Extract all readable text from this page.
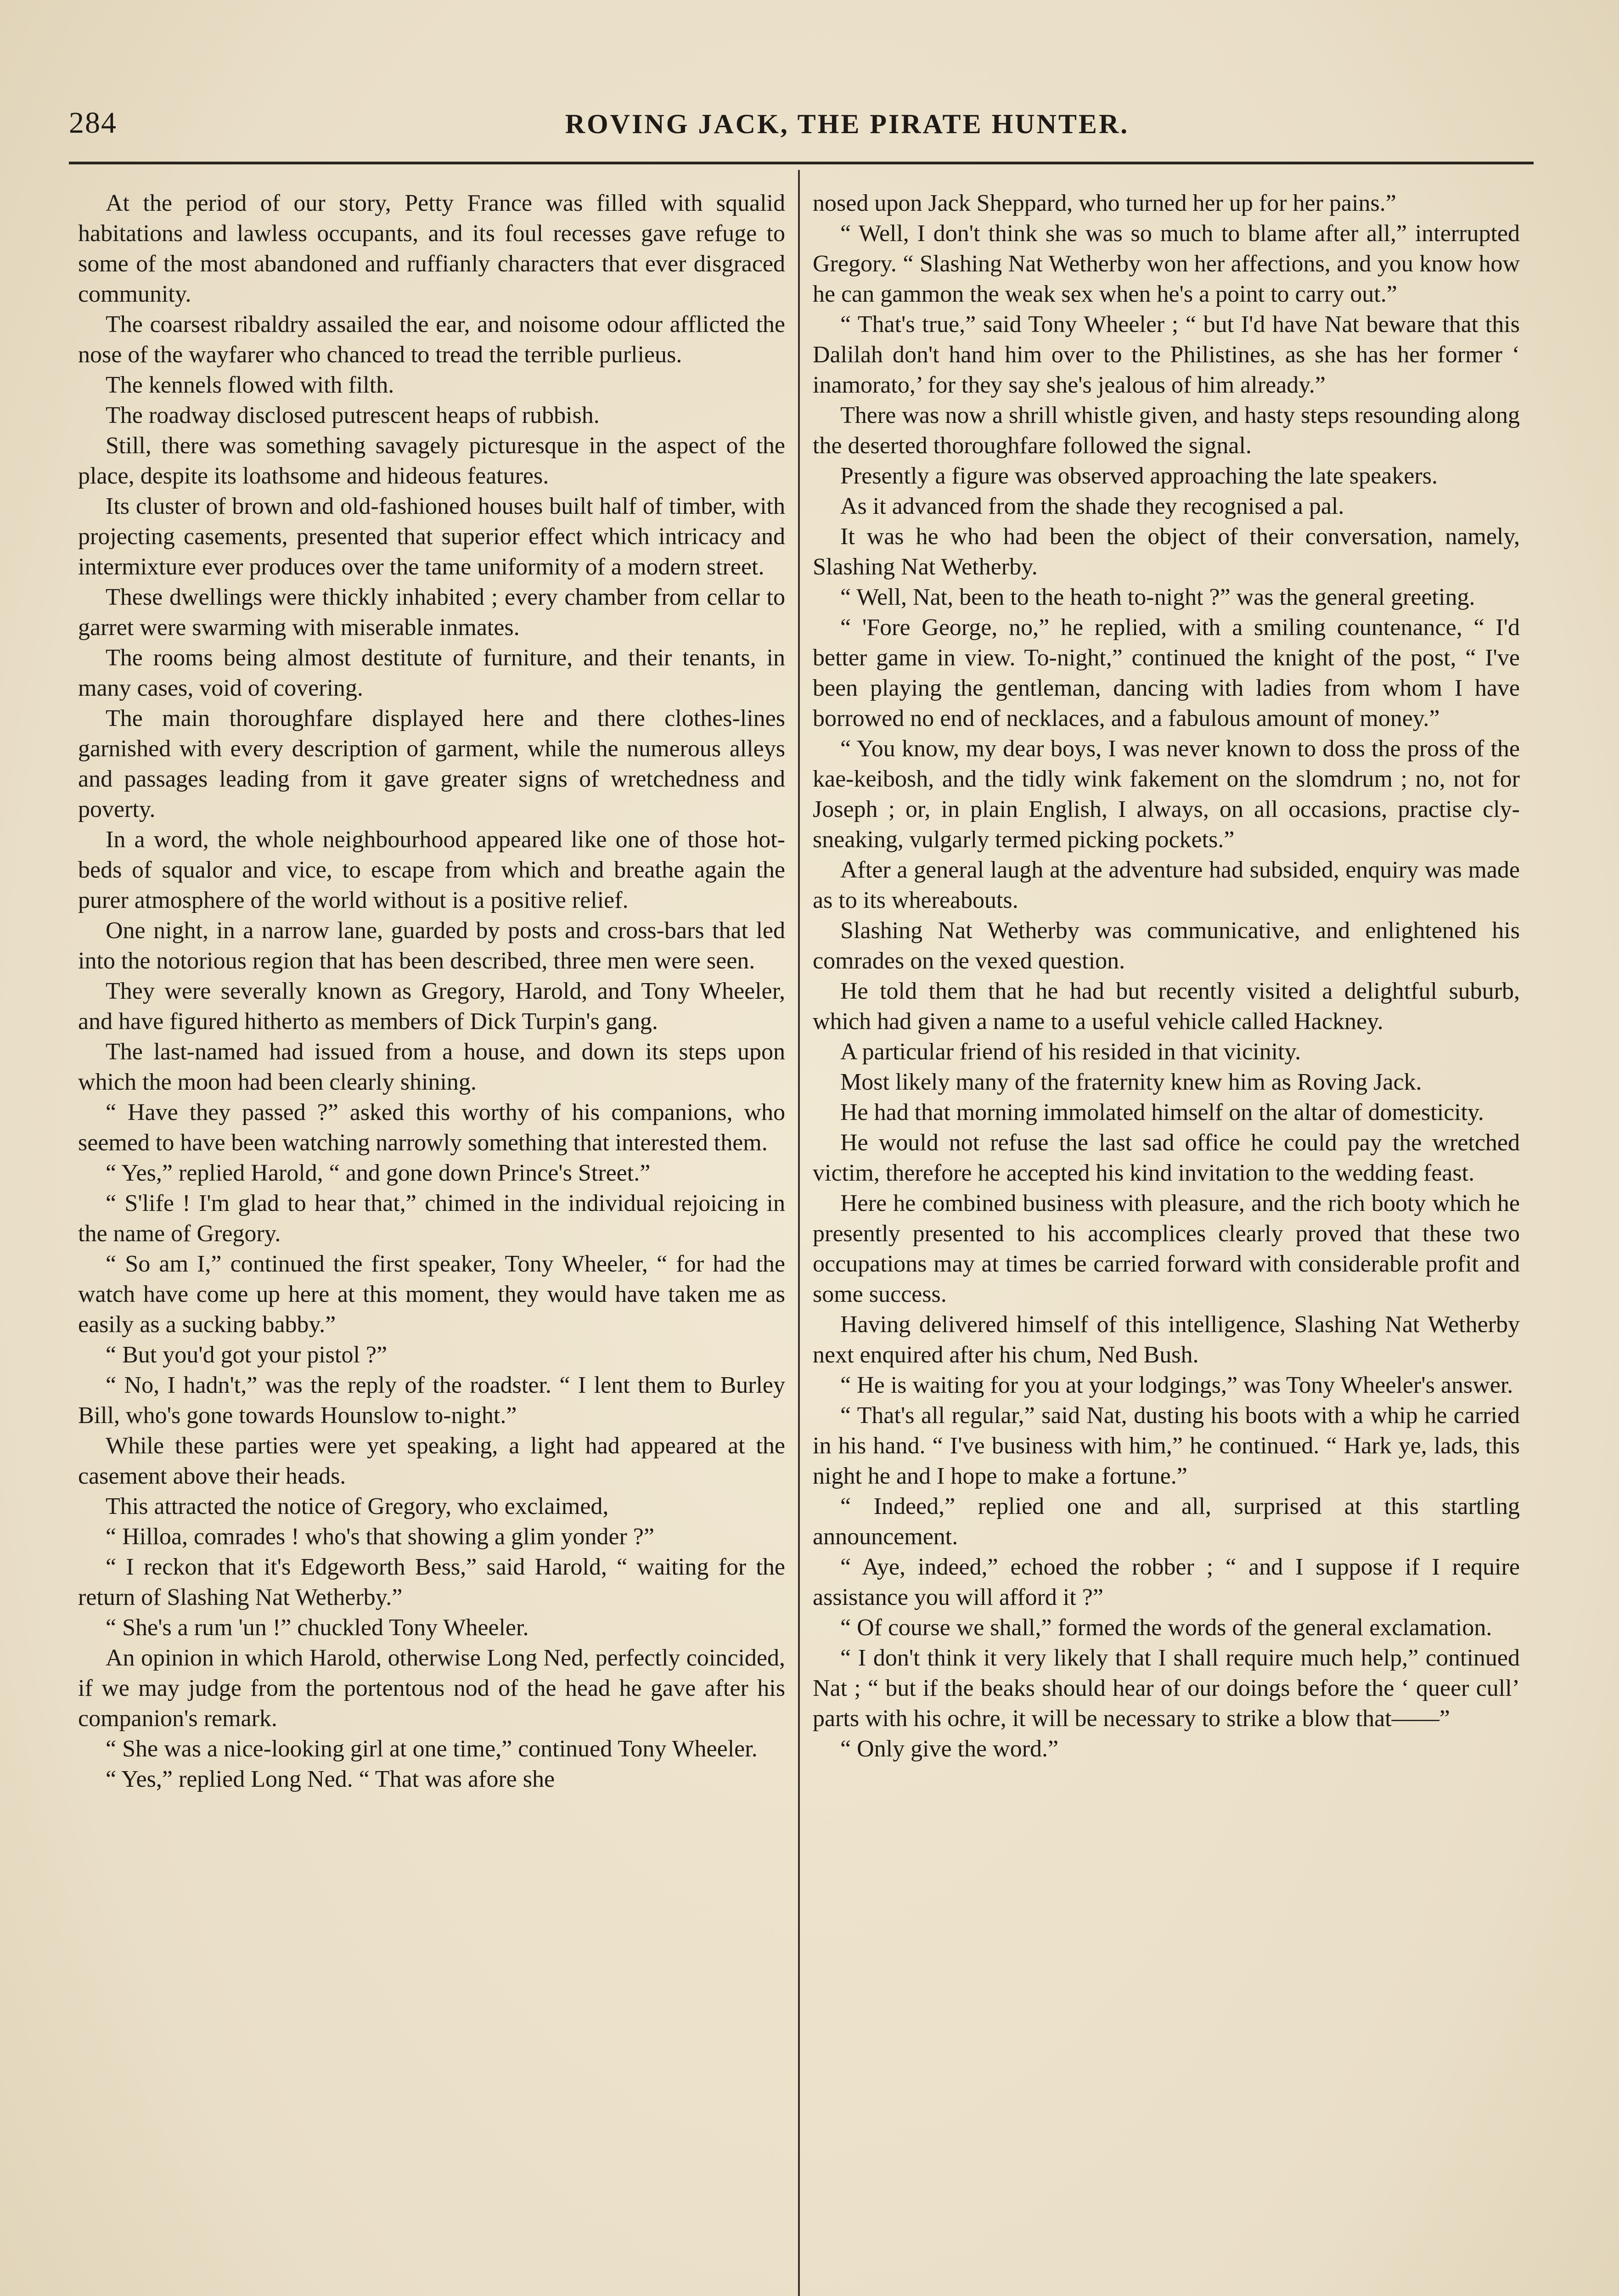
284	ROVING JACK, THE PIRATE HUNTER.

At the period of our story, Petty France was filled with squalid habitations and lawless occupants, and its foul recesses gave refuge to some of the most abandoned and ruffianly characters that ever disgraced community.

The coarsest ribaldry assailed the ear, and noisome odour afflicted the nose of the wayfarer who chanced to tread the terrible purlieus.

The kennels flowed with filth.

The roadway disclosed putrescent heaps of rubbish.

Still, there was something savagely picturesque in the aspect of the place, despite its loathsome and hideous features.

Its cluster of brown and old-fashioned houses built half of timber, with projecting casements, presented that superior effect which intricacy and intermixture ever produces over the tame uniformity of a modern street.

These dwellings were thickly inhabited ; every chamber from cellar to garret were swarming with miserable inmates.

The rooms being almost destitute of furniture, and their tenants, in many cases, void of covering.

The main thoroughfare displayed here and there clothes-lines garnished with every description of garment, while the numerous alleys and passages leading from it gave greater signs of wretchedness and poverty.

In a word, the whole neighbourhood appeared like one of those hot-beds of squalor and vice, to escape from which and breathe again the purer atmosphere of the world without is a positive relief.

One night, in a narrow lane, guarded by posts and cross-bars that led into the notorious region that has been described, three men were seen.

They were severally known as Gregory, Harold, and Tony Wheeler, and have figured hitherto as members of Dick Turpin's gang.

The last-named had issued from a house, and down its steps upon which the moon had been clearly shining.

“ Have they passed ?” asked this worthy of his companions, who seemed to have been watching narrowly something that interested them.

“ Yes,” replied Harold, “ and gone down Prince's Street.”

“ S'life ! I'm glad to hear that,” chimed in the individual rejoicing in the name of Gregory.

“ So am I,” continued the first speaker, Tony Wheeler, “ for had the watch have come up here at this moment, they would have taken me as easily as a sucking babby.”

“ But you'd got your pistol ?”

“ No, I hadn't,” was the reply of the roadster. “ I lent them to Burley Bill, who's gone towards Hounslow to-night.”

While these parties were yet speaking, a light had appeared at the casement above their heads.

This attracted the notice of Gregory, who exclaimed,

“ Hilloa, comrades ! who's that showing a glim yonder ?”

“ I reckon that it's Edgeworth Bess,” said Harold, “ waiting for the return of Slashing Nat Wetherby.”

“ She's a rum 'un !” chuckled Tony Wheeler.

An opinion in which Harold, otherwise Long Ned, perfectly coincided, if we may judge from the portentous nod of the head he gave after his companion's remark.

“ She was a nice-looking girl at one time,” continued Tony Wheeler.

“ Yes,” replied Long Ned. “ That was afore she

nosed upon Jack Sheppard, who turned her up for her pains.”

“ Well, I don't think she was so much to blame after all,” interrupted Gregory. “ Slashing Nat Wetherby won her affections, and you know how he can gammon the weak sex when he's a point to carry out.”

“ That's true,” said Tony Wheeler ; “ but I'd have Nat beware that this Dalilah don't hand him over to the Philistines, as she has her former ‘ inamorato,’ for they say she's jealous of him already.”

There was now a shrill whistle given, and hasty steps resounding along the deserted thoroughfare followed the signal.

Presently a figure was observed approaching the late speakers.

As it advanced from the shade they recognised a pal.

It was he who had been the object of their conversation, namely, Slashing Nat Wetherby.

“ Well, Nat, been to the heath to-night ?” was the general greeting.

“ 'Fore George, no,” he replied, with a smiling countenance, “ I'd better game in view. To-night,” continued the knight of the post, “ I've been playing the gentleman, dancing with ladies from whom I have borrowed no end of necklaces, and a fabulous amount of money.”

“ You know, my dear boys, I was never known to doss the pross of the kae-keibosh, and the tidly wink fakement on the slomdrum ; no, not for Joseph ; or, in plain English, I always, on all occasions, practise cly-sneaking, vulgarly termed picking pockets.”

After a general laugh at the adventure had subsided, enquiry was made as to its whereabouts.

Slashing Nat Wetherby was communicative, and enlightened his comrades on the vexed question.

He told them that he had but recently visited a delightful suburb, which had given a name to a useful vehicle called Hackney.

A particular friend of his resided in that vicinity.

Most likely many of the fraternity knew him as Roving Jack.

He had that morning immolated himself on the altar of domesticity.

He would not refuse the last sad office he could pay the wretched victim, therefore he accepted his kind invitation to the wedding feast.

Here he combined business with pleasure, and the rich booty which he presently presented to his accomplices clearly proved that these two occupations may at times be carried forward with considerable profit and some success.

Having delivered himself of this intelligence, Slashing Nat Wetherby next enquired after his chum, Ned Bush.

“ He is waiting for you at your lodgings,” was Tony Wheeler's answer.

“ That's all regular,” said Nat, dusting his boots with a whip he carried in his hand. “ I've business with him,” he continued. “ Hark ye, lads, this night he and I hope to make a fortune.”

“ Indeed,” replied one and all, surprised at this startling announcement.

“ Aye, indeed,” echoed the robber ; “ and I suppose if I require assistance you will afford it ?”

“ Of course we shall,” formed the words of the general exclamation.

“ I don't think it very likely that I shall require much help,” continued Nat ; “ but if the beaks should hear of our doings before the ‘ queer cull’ parts with his ochre, it will be necessary to strike a blow that——”

“ Only give the word.”
